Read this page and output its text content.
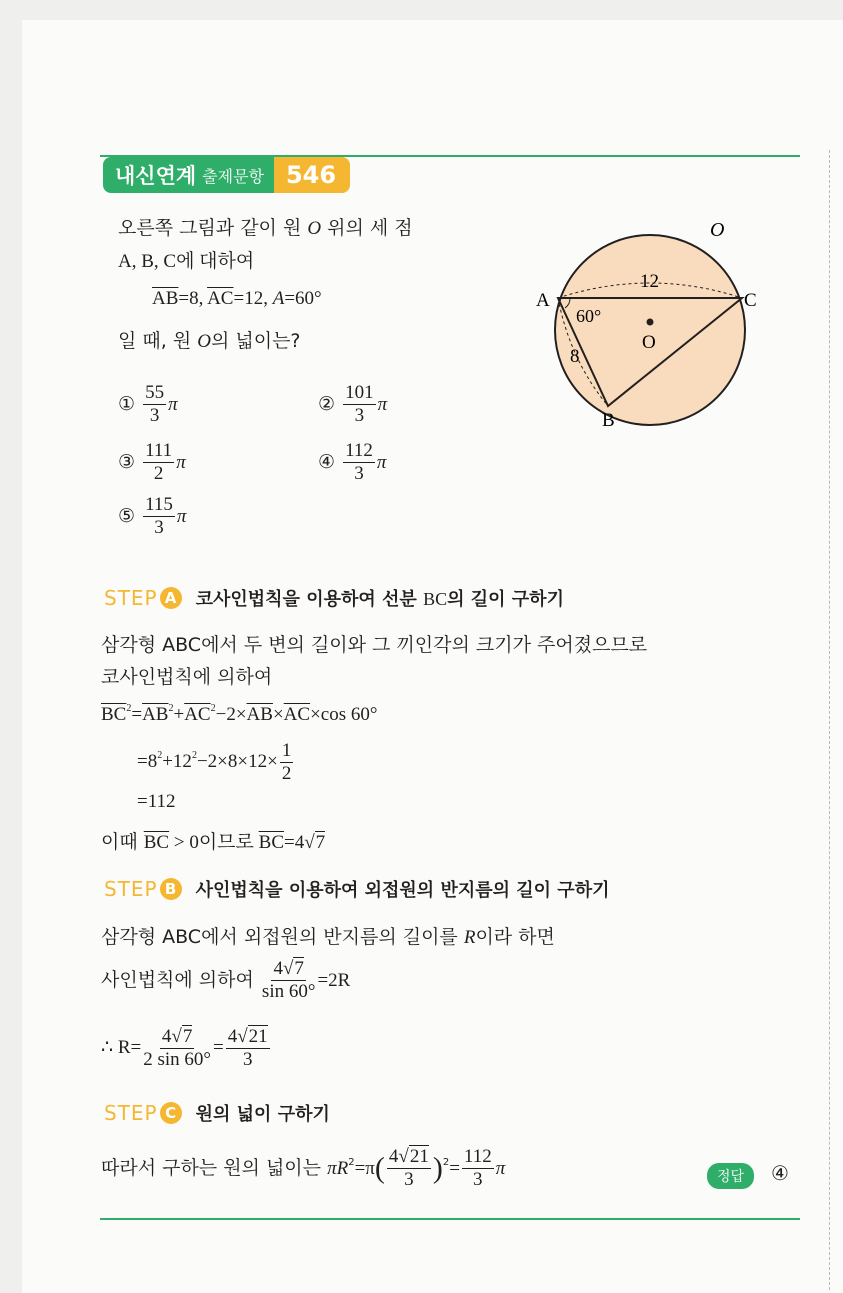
내신연계 출제문항 546
오른쪽 그림과 같이 원 O 위의 세 점
A, B, C에 대하여
$\overline{AB}=8$, $\overline{AC}=12$, A=60°
일 때, 원 O의 넓이는?
① $\frac{55}{3}$ π	② $\frac{101}{3}$ π
③ $\frac{111}{2}$ π	④ $\frac{112}{3}$ π
⑤ $\frac{115}{3}$ π
O
12
A	C
60°
8
O
B
STEP A 코사인법칙을 이용하여 선분 BC의 길이 구하기
삼각형 ABC에서 두 변의 길이와 그 끼인각의 크기가 주어졌으므로
코사인법칙에 의하여
$\overline{BC}^2=\overline{AB}^2+\overline{AC}^2-2\times\overline{AB}\times\overline{AC}\times\cos$ 60°
$=8^2+12^2-2\times 8\times 12\times \frac{1}{2}$
=112
이때 $\overline{BC} > 0$이므로 $\overline{BC}=4√7$
STEP B 사인법칙을 이용하여 외접원의 반지름의 길이 구하기
삼각형 ABC에서 외접원의 반지름의 길이를 R이라 하면
사인법칙에 의하여 $\frac{4√7}{\sin 60^\circ} =2R$
∴ $R= \frac{4√7}{2 \sin 60^\circ} = \frac{4√21}{3}$
STEP C	원의 넓이 구하기
따라서 구하는 원의 넓이는 $\pi R^2=\pi( \frac{4√21}{3} )^2= \frac{112}{3}$ π	정답	④
